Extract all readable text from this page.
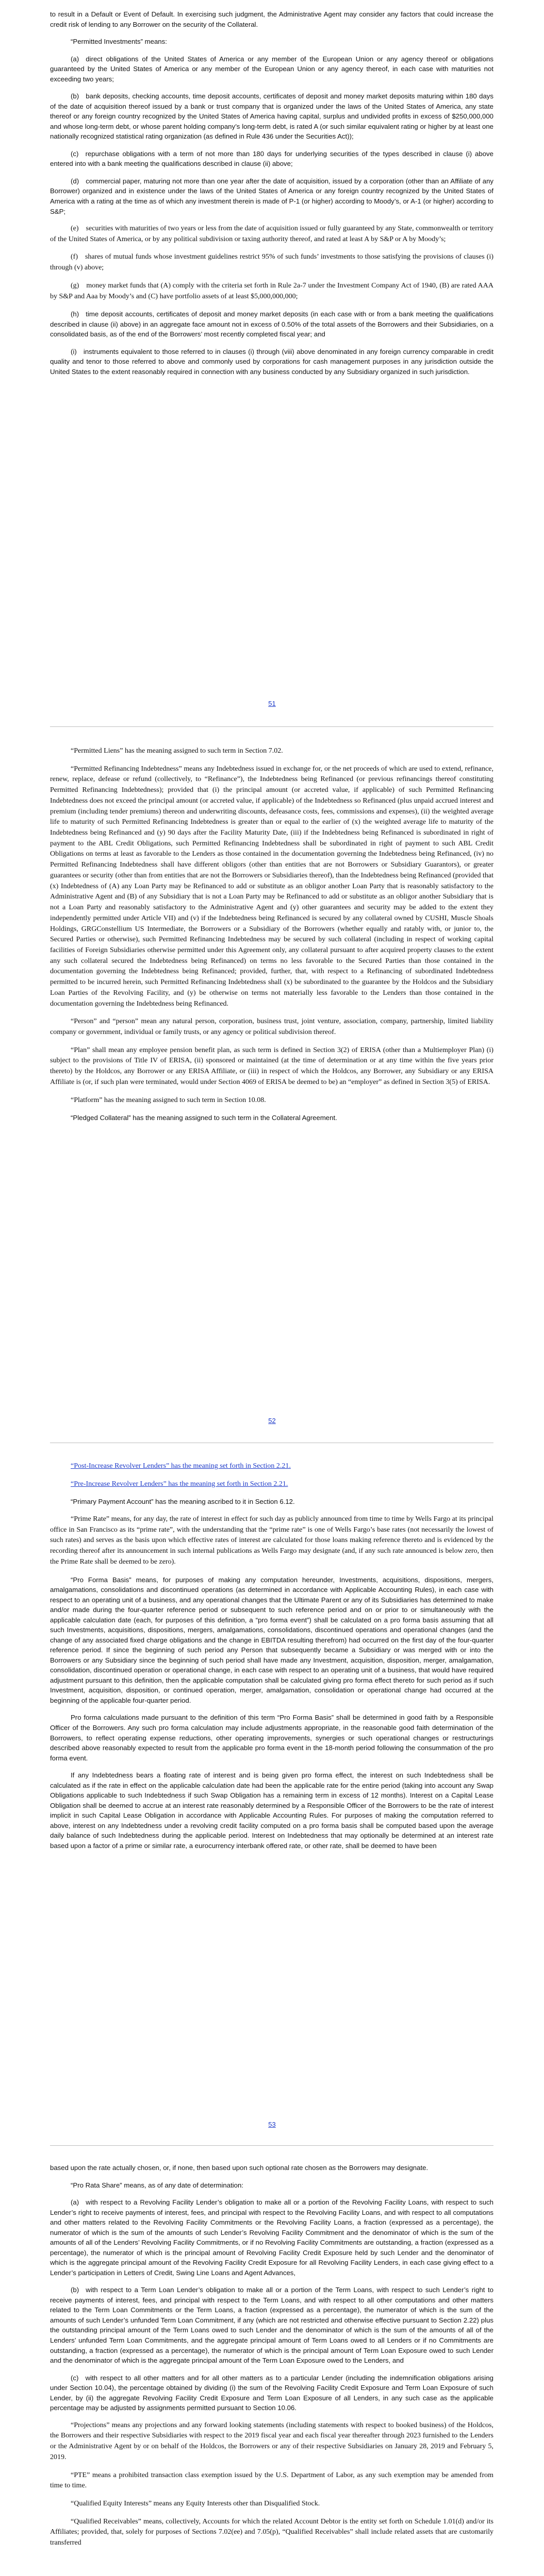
to result in a Default or Event of Default. In exercising such judgment, the Administrative Agent may consider any factors that could increase the credit risk of lending to any Borrower on the security of the Collateral.

“Permitted Investments” means:

(a) direct obligations of the United States of America or any member of the European Union or any agency thereof or obligations guaranteed by the United States of America or any member of the European Union or any agency thereof, in each case with maturities not exceeding two years;

(b) bank deposits, checking accounts, time deposit accounts, certificates of deposit and money market deposits maturing within 180 days of the date of acquisition thereof issued by a bank or trust company that is organized under the laws of the United States of America, any state thereof or any foreign country recognized by the United States of America having capital, surplus and undivided profits in excess of $250,000,000 and whose long-term debt, or whose parent holding company’s long-term debt, is rated A (or such similar equivalent rating or higher by at least one nationally recognized statistical rating organization (as defined in Rule 436 under the Securities Act));

(c) repurchase obligations with a term of not more than 180 days for underlying securities of the types described in clause (i) above entered into with a bank meeting the qualifications described in clause (ii) above;

(d) commercial paper, maturing not more than one year after the date of acquisition, issued by a corporation (other than an Affiliate of any Borrower) organized and in existence under the laws of the United States of America or any foreign country recognized by the United States of America with a rating at the time as of which any investment therein is made of P-1 (or higher) according to Moody’s, or A-1 (or higher) according to S&P;

(e) securities with maturities of two years or less from the date of acquisition issued or fully guaranteed by any State, commonwealth or territory of the United States of America, or by any political subdivision or taxing authority thereof, and rated at least A by S&P or A by Moody’s;

(f) shares of mutual funds whose investment guidelines restrict 95% of such funds’ investments to those satisfying the provisions of clauses (i) through (v) above;

(g) money market funds that (A) comply with the criteria set forth in Rule 2a-7 under the Investment Company Act of 1940, (B) are rated AAA by S&P and Aaa by Moody’s and (C) have portfolio assets of at least $5,000,000,000;

(h) time deposit accounts, certificates of deposit and money market deposits (in each case with or from a bank meeting the qualifications described in clause (ii) above) in an aggregate face amount not in excess of 0.50% of the total assets of the Borrowers and their Subsidiaries, on a consolidated basis, as of the end of the Borrowers’ most recently completed fiscal year; and

(i) instruments equivalent to those referred to in clauses (i) through (viii) above denominated in any foreign currency comparable in credit quality and tenor to those referred to above and commonly used by corporations for cash management purposes in any jurisdiction outside the United States to the extent reasonably required in connection with any business conducted by any Subsidiary organized in such jurisdiction.

51

“Permitted Liens” has the meaning assigned to such term in Section 7.02.

“Permitted Refinancing Indebtedness” means any Indebtedness issued in exchange for, or the net proceeds of which are used to extend, refinance, renew, replace, defease or refund (collectively, to “Refinance”), the Indebtedness being Refinanced (or previous refinancings thereof constituting Permitted Refinancing Indebtedness); provided that (i) the principal amount (or accreted value, if applicable) of such Permitted Refinancing Indebtedness does not exceed the principal amount (or accreted value, if applicable) of the Indebtedness so Refinanced (plus unpaid accrued interest and premium (including tender premiums) thereon and underwriting discounts, defeasance costs, fees, commissions and expenses), (ii) the weighted average life to maturity of such Permitted Refinancing Indebtedness is greater than or equal to the earlier of (x) the weighted average life to maturity of the Indebtedness being Refinanced and (y) 90 days after the Facility Maturity Date, (iii) if the Indebtedness being Refinanced is subordinated in right of payment to the ABL Credit Obligations, such Permitted Refinancing Indebtedness shall be subordinated in right of payment to such ABL Credit Obligations on terms at least as favorable to the Lenders as those contained in the documentation governing the Indebtedness being Refinanced, (iv) no Permitted Refinancing Indebtedness shall have different obligors (other than entities that are not Borrowers or Subsidiary Guarantors), or greater guarantees or security (other than from entities that are not the Borrowers or Subsidiaries thereof), than the Indebtedness being Refinanced (provided that (x) Indebtedness of (A) any Loan Party may be Refinanced to add or substitute as an obligor another Loan Party that is reasonably satisfactory to the Administrative Agent and (B) of any Subsidiary that is not a Loan Party may be Refinanced to add or substitute as an obligor another Subsidiary that is not a Loan Party and reasonably satisfactory to the Administrative Agent and (y) other guarantees and security may be added to the extent they independently permitted under Article VII) and (v) if the Indebtedness being Refinanced is secured by any collateral owned by CUSHI, Muscle Shoals Holdings, GRGConstellium US Intermediate, the Borrowers or a Subsidiary of the Borrowers (whether equally and ratably with, or junior to, the Secured Parties or otherwise), such Permitted Refinancing Indebtedness may be secured by such collateral (including in respect of working capital facilities of Foreign Subsidiaries otherwise permitted under this Agreement only, any collateral pursuant to after acquired property clauses to the extent any such collateral secured the Indebtedness being Refinanced) on terms no less favorable to the Secured Parties than those contained in the documentation governing the Indebtedness being Refinanced; provided, further, that, with respect to a Refinancing of subordinated Indebtedness permitted to be incurred herein, such Permitted Refinancing Indebtedness shall (x) be subordinated to the guarantee by the Holdcos and the Subsidiary Loan Parties of the Revolving Facility, and (y) be otherwise on terms not materially less favorable to the Lenders than those contained in the documentation governing the Indebtedness being Refinanced.

“Person” and “person” mean any natural person, corporation, business trust, joint venture, association, company, partnership, limited liability company or government, individual or family trusts, or any agency or political subdivision thereof.

“Plan” shall mean any employee pension benefit plan, as such term is defined in Section 3(2) of ERISA (other than a Multiemployer Plan) (i) subject to the provisions of Title IV of ERISA, (ii) sponsored or maintained (at the time of determination or at any time within the five years prior thereto) by the Holdcos, any Borrower or any ERISA Affiliate, or (iii) in respect of which the Holdcos, any Borrower, any Subsidiary or any ERISA Affiliate is (or, if such plan were terminated, would under Section 4069 of ERISA be deemed to be) an “employer” as defined in Section 3(5) of ERISA.

“Platform” has the meaning assigned to such term in Section 10.08.

“Pledged Collateral” has the meaning assigned to such term in the Collateral Agreement.

52

“Post-Increase Revolver Lenders” has the meaning set forth in Section 2.21.

“Pre-Increase Revolver Lenders” has the meaning set forth in Section 2.21.

“Primary Payment Account” has the meaning ascribed to it in Section 6.12.

“Prime Rate” means, for any day, the rate of interest in effect for such day as publicly announced from time to time by Wells Fargo at its principal office in San Francisco as its “prime rate”, with the understanding that the “prime rate” is one of Wells Fargo’s base rates (not necessarily the lowest of such rates) and serves as the basis upon which effective rates of interest are calculated for those loans making reference thereto and is evidenced by the recording thereof after its announcement in such internal publications as Wells Fargo may designate (and, if any such rate announced is below zero, then the Prime Rate shall be deemed to be zero).

“Pro Forma Basis” means, for purposes of making any computation hereunder, Investments, acquisitions, dispositions, mergers, amalgamations, consolidations and discontinued operations (as determined in accordance with Applicable Accounting Rules), in each case with respect to an operating unit of a business, and any operational changes that the Ultimate Parent or any of its Subsidiaries has determined to make and/or made during the four-quarter reference period or subsequent to such reference period and on or prior to or simultaneously with the applicable calculation date (each, for purposes of this definition, a “pro forma event”) shall be calculated on a pro forma basis assuming that all such Investments, acquisitions, dispositions, mergers, amalgamations, consolidations, discontinued operations and operational changes (and the change of any associated fixed charge obligations and the change in EBITDA resulting therefrom) had occurred on the first day of the four-quarter reference period. If since the beginning of such period any Person that subsequently became a Subsidiary or was merged with or into the Borrowers or any Subsidiary since the beginning of such period shall have made any Investment, acquisition, disposition, merger, amalgamation, consolidation, discontinued operation or operational change, in each case with respect to an operating unit of a business, that would have required adjustment pursuant to this definition, then the applicable computation shall be calculated giving pro forma effect thereto for such period as if such Investment, acquisition, disposition, or continued operation, merger, amalgamation, consolidation or operational change had occurred at the beginning of the applicable four-quarter period.

Pro forma calculations made pursuant to the definition of this term “Pro Forma Basis” shall be determined in good faith by a Responsible Officer of the Borrowers. Any such pro forma calculation may include adjustments appropriate, in the reasonable good faith determination of the Borrowers, to reflect operating expense reductions, other operating improvements, synergies or such operational changes or restructurings described above reasonably expected to result from the applicable pro forma event in the 18-month period following the consummation of the pro forma event.

If any Indebtedness bears a floating rate of interest and is being given pro forma effect, the interest on such Indebtedness shall be calculated as if the rate in effect on the applicable calculation date had been the applicable rate for the entire period (taking into account any Swap Obligations applicable to such Indebtedness if such Swap Obligation has a remaining term in excess of 12 months). Interest on a Capital Lease Obligation shall be deemed to accrue at an interest rate reasonably determined by a Responsible Officer of the Borrowers to be the rate of interest implicit in such Capital Lease Obligation in accordance with Applicable Accounting Rules. For purposes of making the computation referred to above, interest on any Indebtedness under a revolving credit facility computed on a pro forma basis shall be computed based upon the average daily balance of such Indebtedness during the applicable period. Interest on Indebtedness that may optionally be determined at an interest rate based upon a factor of a prime or similar rate, a eurocurrency interbank offered rate, or other rate, shall be deemed to have been

53

based upon the rate actually chosen, or, if none, then based upon such optional rate chosen as the Borrowers may designate.

“Pro Rata Share” means, as of any date of determination:

(a) with respect to a Revolving Facility Lender’s obligation to make all or a portion of the Revolving Facility Loans, with respect to such Lender’s right to receive payments of interest, fees, and principal with respect to the Revolving Facility Loans, and with respect to all computations and other matters related to the Revolving Facility Commitments or the Revolving Facility Loans, a fraction (expressed as a percentage), the numerator of which is the sum of the amounts of such Lender’s Revolving Facility Commitment and the denominator of which is the sum of the amounts of all of the Lenders’ Revolving Facility Commitments, or if no Revolving Facility Commitments are outstanding, a fraction (expressed as a percentage), the numerator of which is the principal amount of Revolving Facility Credit Exposure held by such Lender and the denominator of which is the aggregate principal amount of the Revolving Facility Credit Exposure for all Revolving Facility Lenders, in each case giving effect to a Lender’s participation in Letters of Credit, Swing Line Loans and Agent Advances,

(b) with respect to a Term Loan Lender’s obligation to make all or a portion of the Term Loans, with respect to such Lender’s right to receive payments of interest, fees, and principal with respect to the Term Loans, and with respect to all other computations and other matters related to the Term Loan Commitments or the Term Loans, a fraction (expressed as a percentage), the numerator of which is the sum of the amounts of such Lender’s unfunded Term Loan Commitment, if any (which are not restricted and otherwise effective pursuant to Section 2.22) plus the outstanding principal amount of the Term Loans owed to such Lender and the denominator of which is the sum of the amounts of all of the Lenders’ unfunded Term Loan Commitments, and the aggregate principal amount of Term Loans owed to all Lenders or if no Commitments are outstanding, a fraction (expressed as a percentage), the numerator of which is the principal amount of Term Loan Exposure owed to such Lender and the denominator of which is the aggregate principal amount of the Term Loan Exposure owed to the Lenders, and

(c) with respect to all other matters and for all other matters as to a particular Lender (including the indemnification obligations arising under Section 10.04), the percentage obtained by dividing (i) the sum of the Revolving Facility Credit Exposure and Term Loan Exposure of such Lender, by (ii) the aggregate Revolving Facility Credit Exposure and Term Loan Exposure of all Lenders, in any such case as the applicable percentage may be adjusted by assignments permitted pursuant to Section 10.06.

“Projections” means any projections and any forward looking statements (including statements with respect to booked business) of the Holdcos, the Borrowers and their respective Subsidiaries with respect to the 2019 fiscal year and each fiscal year thereafter through 2023 furnished to the Lenders or the Administrative Agent by or on behalf of the Holdcos, the Borrowers or any of their respective Subsidiaries on January 28, 2019 and February 5, 2019.

“PTE” means a prohibited transaction class exemption issued by the U.S. Department of Labor, as any such exemption may be amended from time to time.

“Qualified Equity Interests” means any Equity Interests other than Disqualified Stock.

“Qualified Receivables” means, collectively, Accounts for which the related Account Debtor is the entity set forth on Schedule 1.01(d) and/or its Affiliates; provided, that, solely for purposes of Sections 7.02(ee) and 7.05(p), “Qualified Receivables” shall include related assets that are customarily transferred
